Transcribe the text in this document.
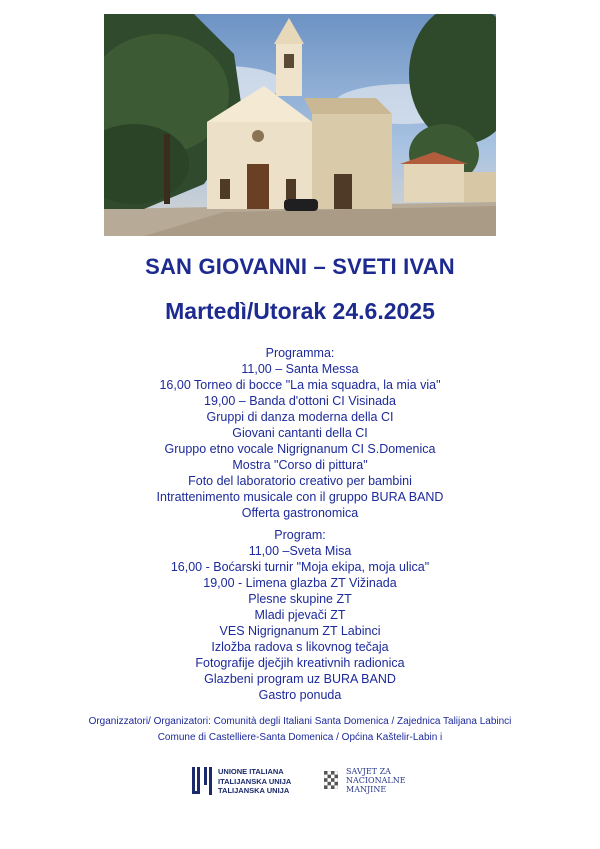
SAN GIOVANNI – SVETI IVAN
Martedì/Utorak 24.6.2025
Programma:
11,00 – Santa Messa
16,00 Torneo di bocce "La mia squadra, la mia via"
19,00 – Banda d'ottoni CI Visinada
Gruppi di danza moderna della CI
Giovani cantanti della CI
Gruppo etno vocale Nigrignanum CI S.Domenica
Mostra "Corso di pittura"
Foto del laboratorio creativo per bambini
Intrattenimento musicale con il gruppo BURA BAND
Offerta gastronomica
Program:
11,00 –Sveta Misa
16,00 - Boćarski turnir "Moja ekipa, moja ulica"
19,00 - Limena glazba ZT Vižinada
Plesne skupine ZT
Mladi pjevači ZT
VES Nigrignanum ZT Labinci
Izložba radova s likovnog tečaja
Fotografije dječjih kreativnih radionica
Glazbeni program uz BURA BAND
Gastro ponuda
Organizzatori/ Organizatori: Comunità degli Italiani Santa Domenica / Zajednica Talijana Labinci
Comune di Castelliere-Santa Domenica / Općina Kaštelir-Labin i
UNIONE ITALIANA
ITALIJANSKA UNIJA
TALIJANSKA UNIJA
SAVJET ZA
NACIONALNE
MANJINE
